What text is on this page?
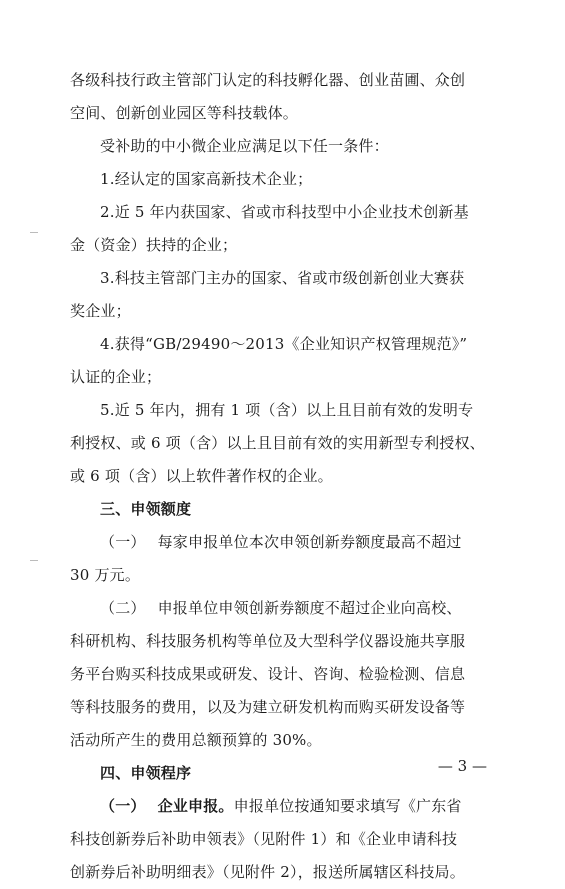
各级科技行政主管部门认定的科技孵化器、创业苗圃、众创
空间、创新创业园区等科技载体。
受补助的中小微企业应满足以下任一条件：
1.经认定的国家高新技术企业；
2.近 5 年内获国家、省或市科技型中小企业技术创新基
金（资金）扶持的企业；
3.科技主管部门主办的国家、省或市级创新创业大赛获
奖企业；
4.获得“GB/29490～2013《企业知识产权管理规范》”
认证的企业；
5.近 5 年内，拥有 1 项（含）以上且目前有效的发明专
利授权、或 6 项（含）以上且目前有效的实用新型专利授权、
或 6 项（含）以上软件著作权的企业。
三、申领额度
（一） 每家申报单位本次申领创新券额度最高不超过
30 万元。
（二） 申报单位申领创新券额度不超过企业向高校、
科研机构、科技服务机构等单位及大型科学仪器设施共享服
务平台购买科技成果或研发、设计、咨询、检验检测、信息
等科技服务的费用，以及为建立研发机构而购买研发设备等
活动所产生的费用总额预算的 30%。
四、申领程序
（一） 企业申报。申报单位按通知要求填写《广东省
科技创新券后补助申领表》（见附件 1）和《企业申请科技
创新券后补助明细表》（见附件 2），报送所属辖区科技局。
— 3 —
